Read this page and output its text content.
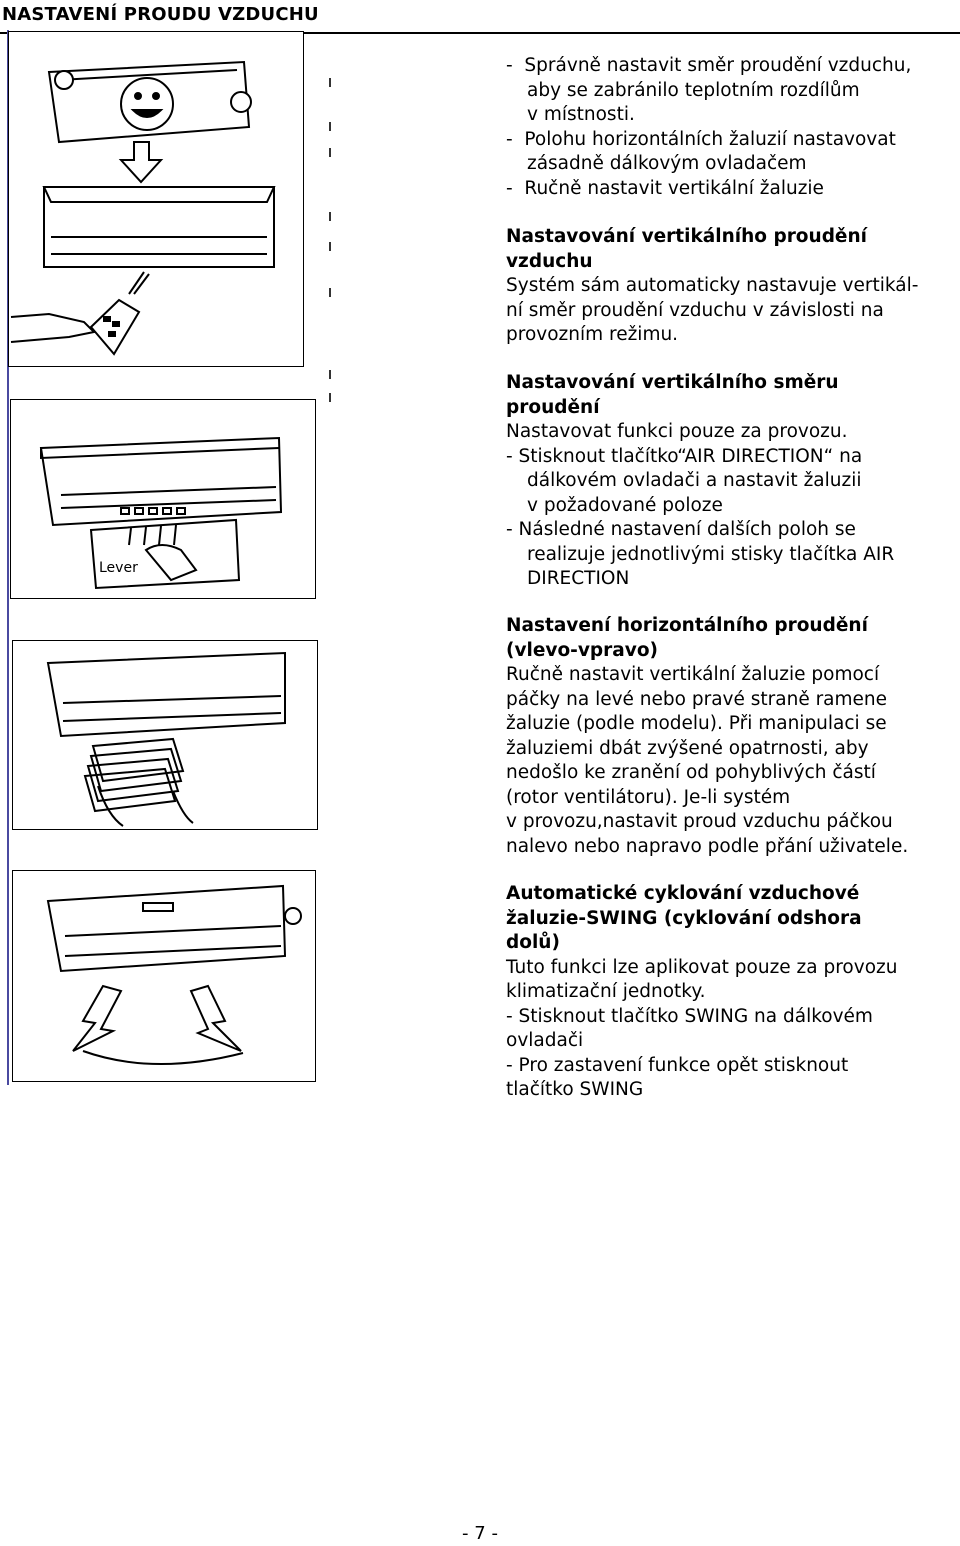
NASTAVENÍ PROUDU VZDUCHU
Lever

-  Správně nastavit směr proudění vzduchu,

aby se zabránilo teplotním rozdílům

v místnosti.

-  Polohu horizontálních žaluzií nastavovat

zásadně dálkovým ovladačem

-  Ručně nastavit vertikální žaluzie

Nastavování vertikálního proudění

vzduchu

Systém sám automaticky nastavuje vertikál-

ní směr proudění vzduchu v závislosti na

provozním režimu.

Nastavování vertikálního směru

proudění

Nastavovat funkci pouze za provozu.

- Stisknout tlačítko“AIR DIRECTION“ na

dálkovém ovladači a nastavit žaluzii

v požadované poloze

- Následné nastavení dalších poloh se

realizuje jednotlivými stisky tlačítka AIR

DIRECTION

Nastavení horizontálního proudění

(vlevo-vpravo)

Ručně nastavit vertikální žaluzie pomocí

páčky na levé nebo pravé straně ramene

žaluzie (podle modelu). Při manipulaci se

žaluziemi dbát zvýšené opatrnosti, aby

nedošlo ke zranění od pohyblivých částí

(rotor ventilátoru). Je-li systém

v provozu,nastavit proud vzduchu páčkou

nalevo nebo napravo podle přání uživatele.

Automatické cyklování vzduchové

žaluzie-SWING (cyklování odshora

dolů)

Tuto funkci lze aplikovat pouze za provozu

klimatizační jednotky.

- Stisknout tlačítko SWING na dálkovém

ovladači

- Pro zastavení funkce opět stisknout

tlačítko SWING

- 7 -
